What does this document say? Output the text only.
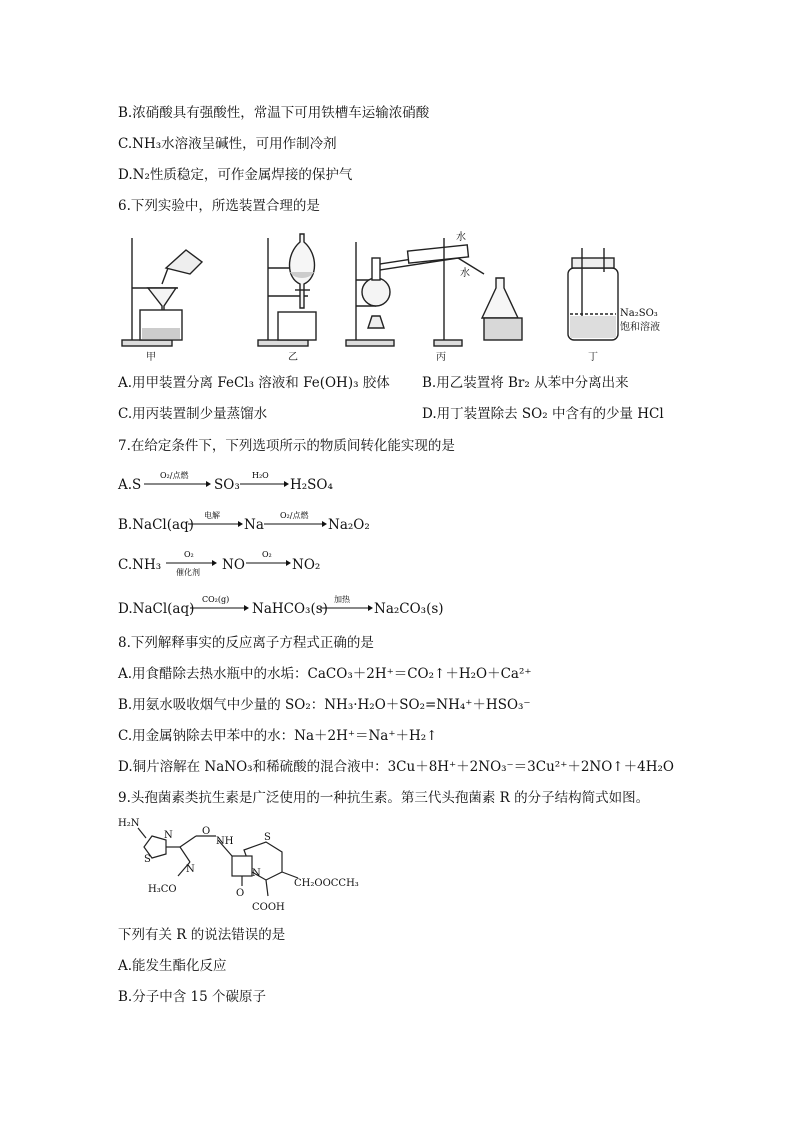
B.浓硝酸具有强酸性，常温下可用铁槽车运输浓硝酸
C.NH₃水溶液呈碱性，可用作制冷剂
D.N₂性质稳定，可作金属焊接的保护气
6.下列实验中，所选装置合理的是
甲	乙	丙	丁
水
水
Na₂SO₃
饱和溶液
A.用甲装置分离 FeCl₃ 溶液和 Fe(OH)₃ 胶体 B.用乙装置将 Br₂ 从苯中分离出来
C.用丙装置制少量蒸馏水	D.用丁装置除去 SO₂ 中含有的少量 HCl
7.在给定条件下，下列选项所示的物质间转化能实现的是
A.S
O₂/点燃
SO₃
H₂O
H₂SO₄
B.NaCl(aq)
电解
Na
O₂/点燃
Na₂O₂
C.NH₃
O₂
催化剂 NO
O₂
NO₂
D.NaCl(aq)
CO₂(g)
NaHCO₃(s)
加热
Na₂CO₃(s)
8.下列解释事实的反应离子方程式正确的是
A.用食醋除去热水瓶中的水垢：CaCO₃＋2H⁺＝CO₂↑＋H₂O＋Ca²⁺
B.用氨水吸收烟气中少量的 SO₂：NH₃·H₂O＋SO₂=NH₄⁺＋HSO₃⁻
C.用金属钠除去甲苯中的水：Na＋2H⁺＝Na⁺＋H₂↑
D.铜片溶解在 NaNO₃和稀硫酸的混合液中：3Cu＋8H⁺＋2NO₃⁻＝3Cu²⁺＋2NO↑＋4H₂O
9.头孢菌素类抗生素是广泛使用的一种抗生素。第三代头孢菌素 R 的分子结构简式如图。
H₂N
N
S
O
NH
N
H₃CO
S
O
N
COOH
CH₂OOCCH₃
下列有关 R 的说法错误的是
A.能发生酯化反应
B.分子中含 15 个碳原子
